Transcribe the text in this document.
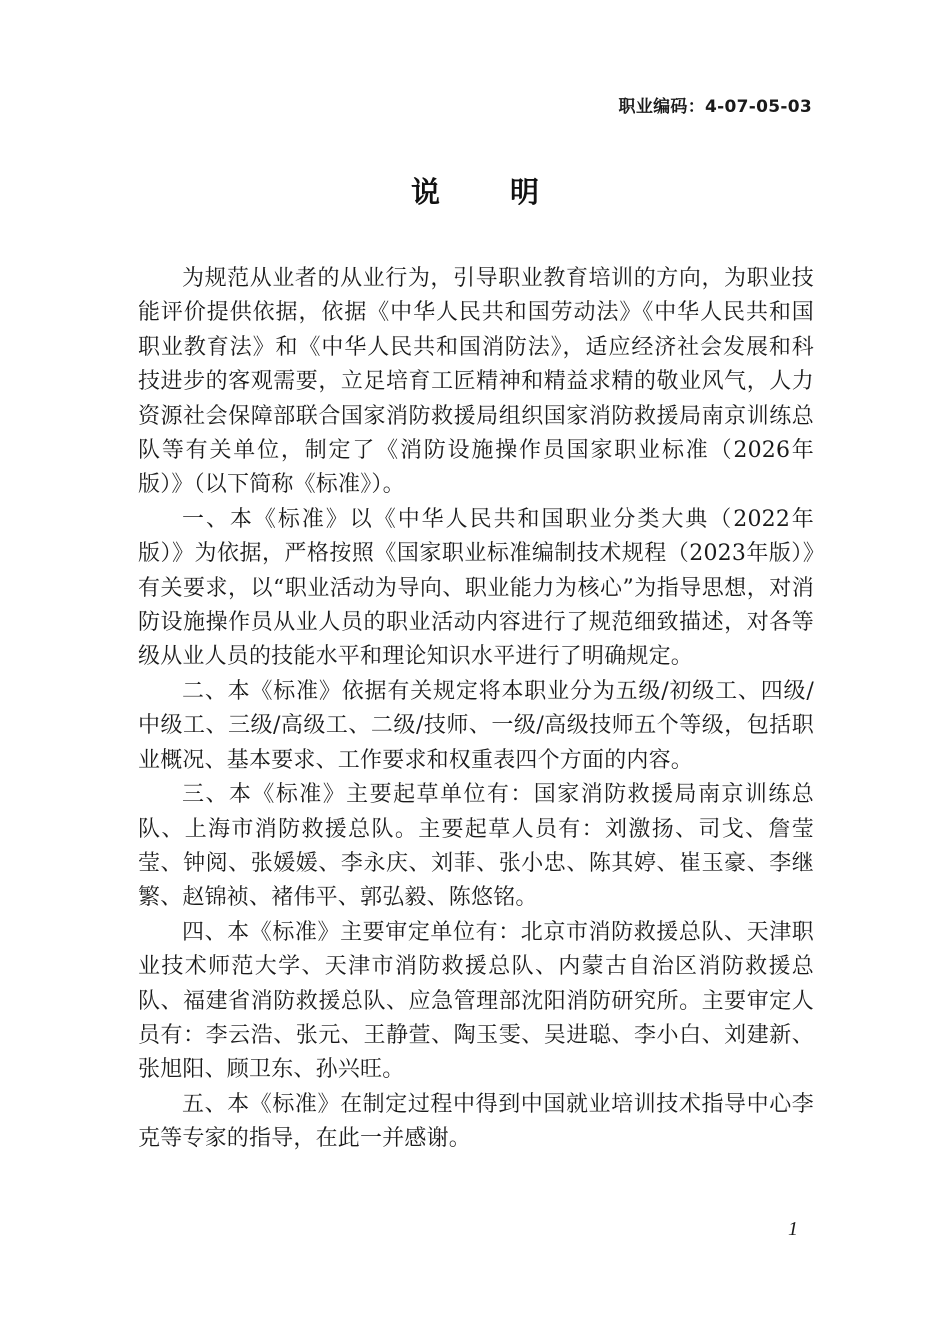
职业编码：4-07-05-03
说明

为规范从业者的从业行为，引导职业教育培训的方向，为职业技能评价提供依据，依据《中华人民共和国劳动法》《中华人民共和国职业教育法》和《中华人民共和国消防法》，适应经济社会发展和科技进步的客观需要，立足培育工匠精神和精益求精的敬业风气，人力资源社会保障部联合国家消防救援局组织国家消防救援局南京训练总队等有关单位，制定了《消防设施操作员国家职业标准（2026年版）》（以下简称《标准》）。

一、本《标准》以《中华人民共和国职业分类大典（2022年版）》为依据，严格按照《国家职业标准编制技术规程（2023年版）》有关要求，以“职业活动为导向、职业能力为核心”为指导思想，对消防设施操作员从业人员的职业活动内容进行了规范细致描述，对各等级从业人员的技能水平和理论知识水平进行了明确规定。

二、本《标准》依据有关规定将本职业分为五级/初级工、四级/中级工、三级/高级工、二级/技师、一级/高级技师五个等级，包括职业概况、基本要求、工作要求和权重表四个方面的内容。

三、本《标准》主要起草单位有：国家消防救援局南京训练总队、上海市消防救援总队。主要起草人员有：刘激扬、司戈、詹莹莹、钟阅、张媛媛、李永庆、刘菲、张小忠、陈其婷、崔玉豪、李继繁、赵锦祯、褚伟平、郭弘毅、陈悠铭。

四、本《标准》主要审定单位有：北京市消防救援总队、天津职业技术师范大学、天津市消防救援总队、内蒙古自治区消防救援总队、福建省消防救援总队、应急管理部沈阳消防研究所。主要审定人员有：李云浩、张元、王静萱、陶玉雯、吴进聪、李小白、刘建新、张旭阳、顾卫东、孙兴旺。

五、本《标准》在制定过程中得到中国就业培训技术指导中心李克等专家的指导，在此一并感谢。

1
